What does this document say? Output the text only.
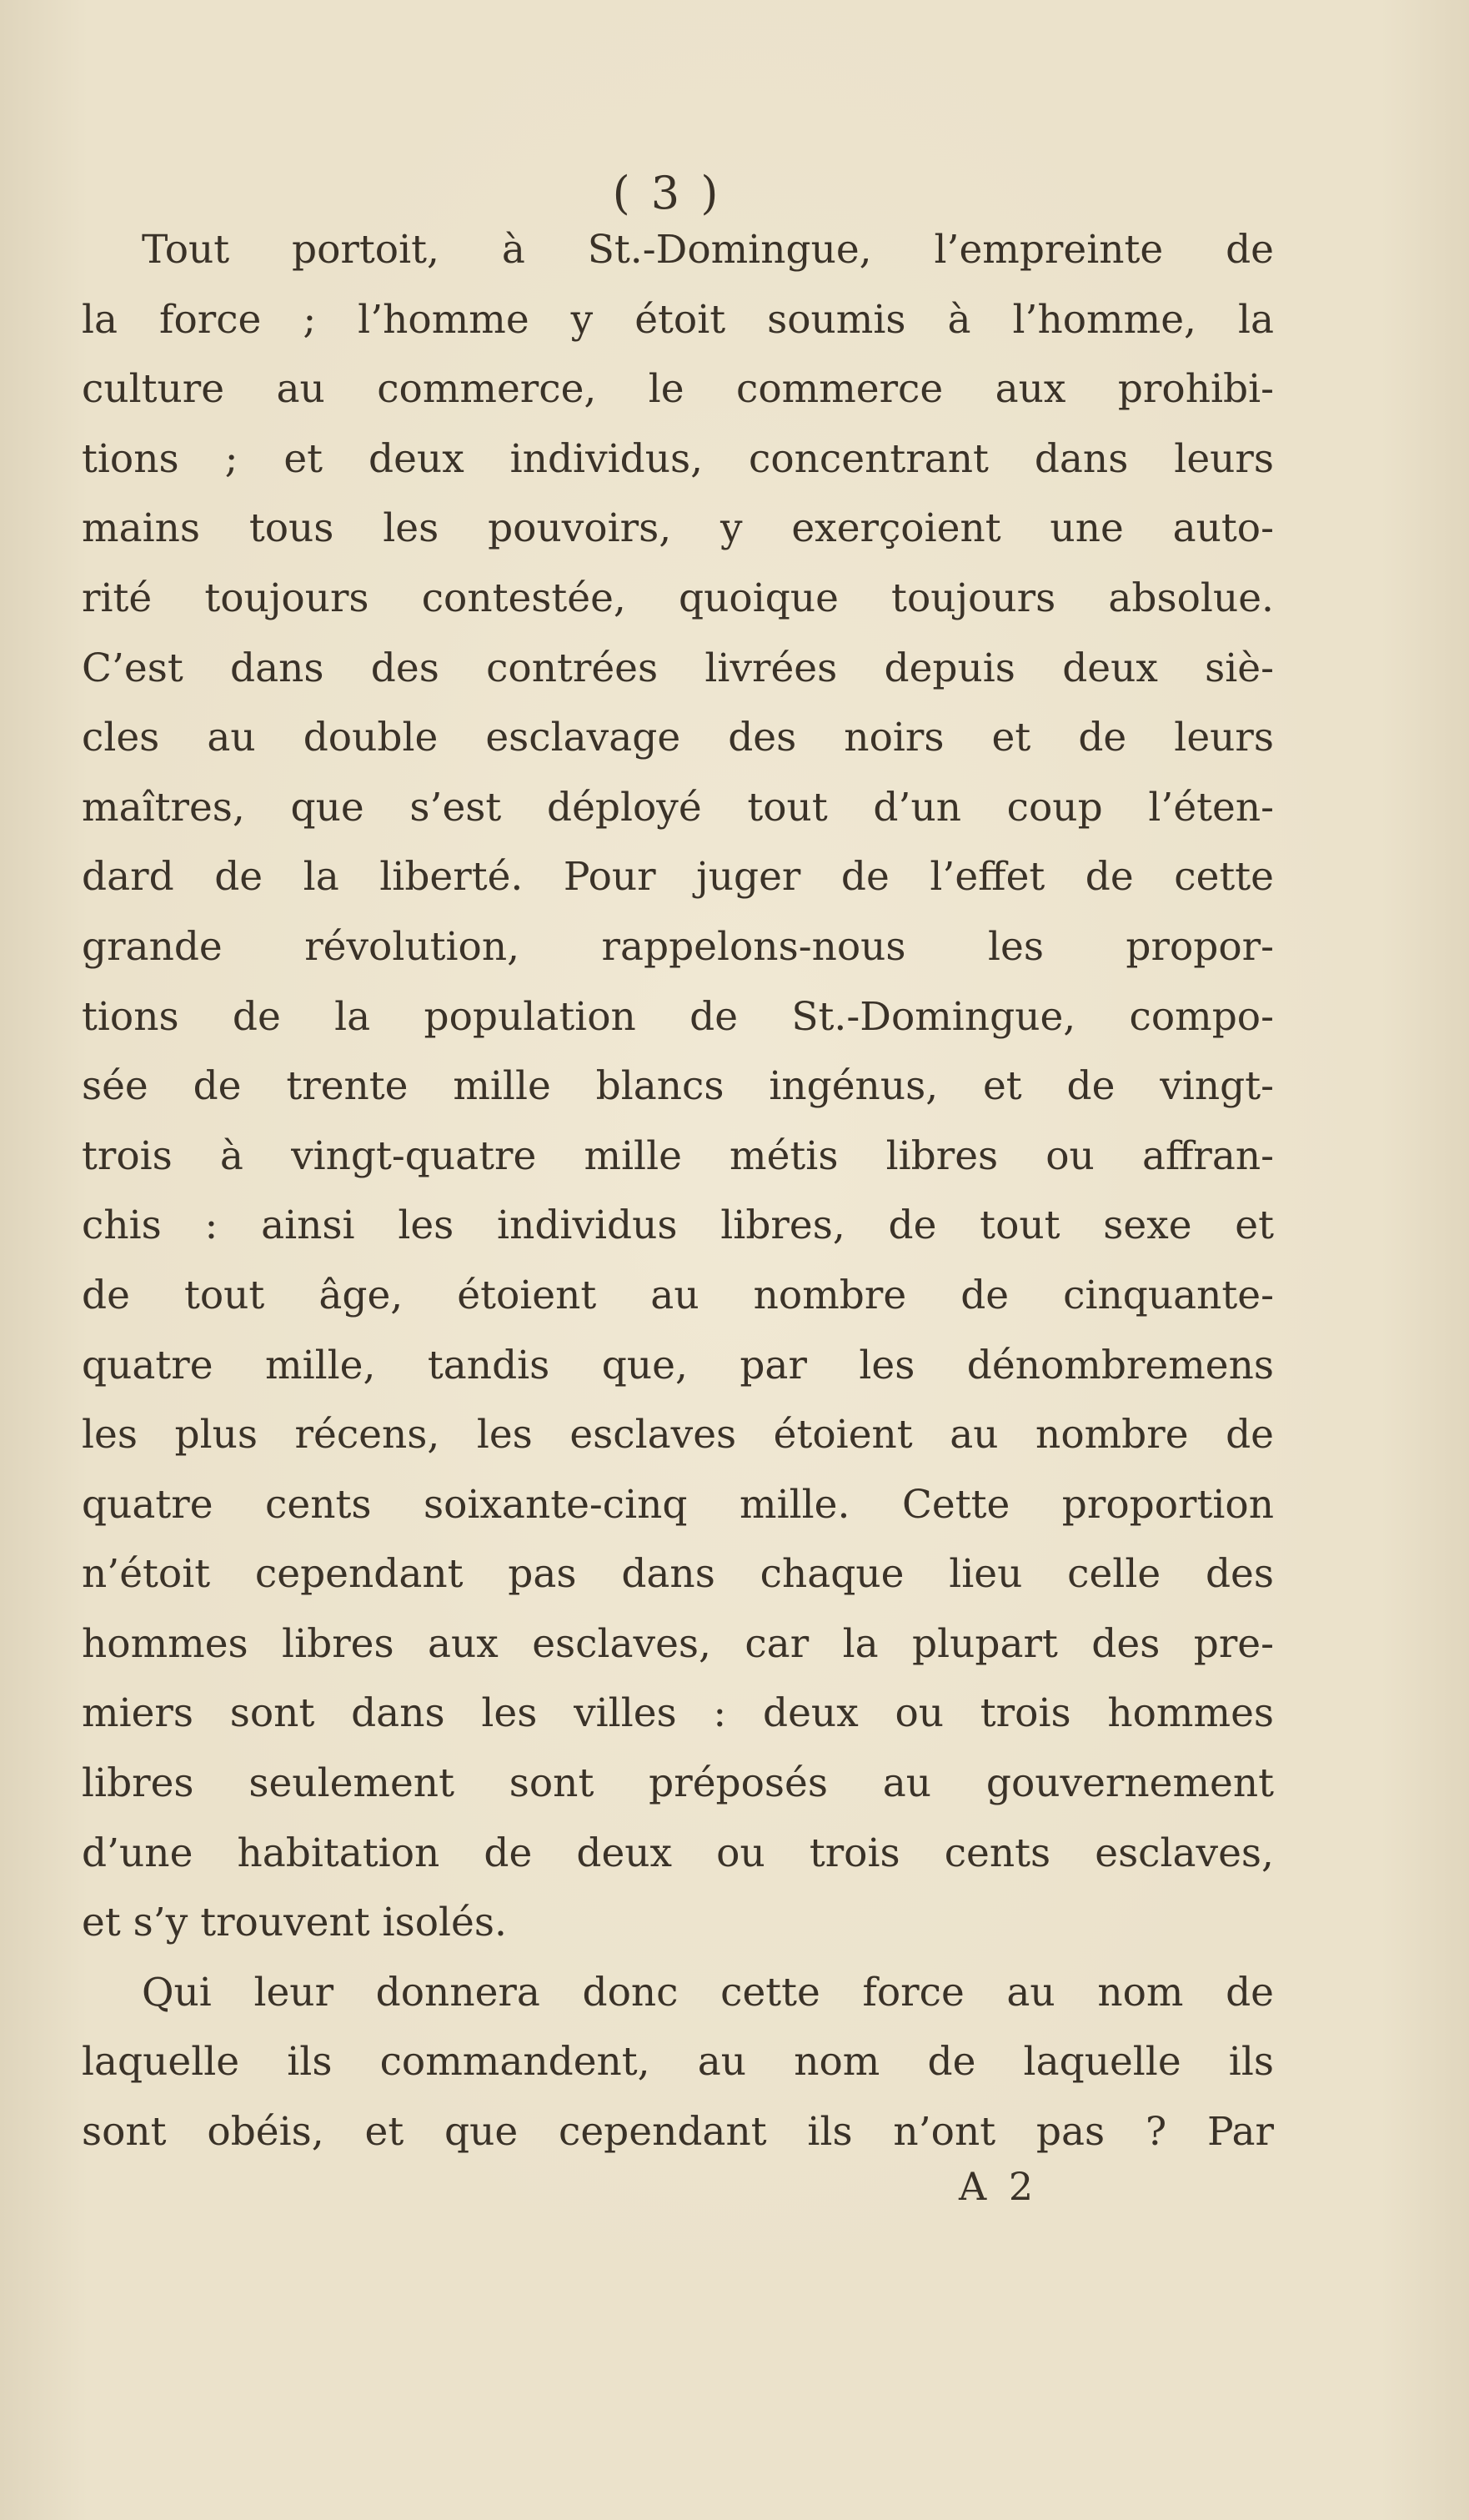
( 3 )
Tout portoit, à St.-Domingue, l’empreinte de
la force ; l’homme y étoit soumis à l’homme, la
culture au commerce, le commerce aux prohibi-
tions ; et deux individus, concentrant dans leurs
mains tous les pouvoirs, y exerçoient une auto-
rité toujours contestée, quoique toujours absolue.
C’est dans des contrées livrées depuis deux siè-
cles au double esclavage des noirs et de leurs
maîtres, que s’est déployé tout d’un coup l’éten-
dard de la liberté. Pour juger de l’effet de cette
grande révolution, rappelons-nous les propor-
tions de la population de St.-Domingue, compo-
sée de trente mille blancs ingénus, et de vingt-
trois à vingt-quatre mille métis libres ou affran-
chis : ainsi les individus libres, de tout sexe et
de tout âge, étoient au nombre de cinquante-
quatre mille, tandis que, par les dénombremens
les plus récens, les esclaves étoient au nombre de
quatre cents soixante-cinq mille. Cette proportion
n’étoit cependant pas dans chaque lieu celle des
hommes libres aux esclaves, car la plupart des pre-
miers sont dans les villes : deux ou trois hommes
libres seulement sont préposés au gouvernement
d’une habitation de deux ou trois cents esclaves,
et s’y trouvent isolés.
Qui leur donnera donc cette force au nom de
laquelle ils commandent, au nom de laquelle ils
sont obéis, et que cependant ils n’ont pas ? Par
A 2
